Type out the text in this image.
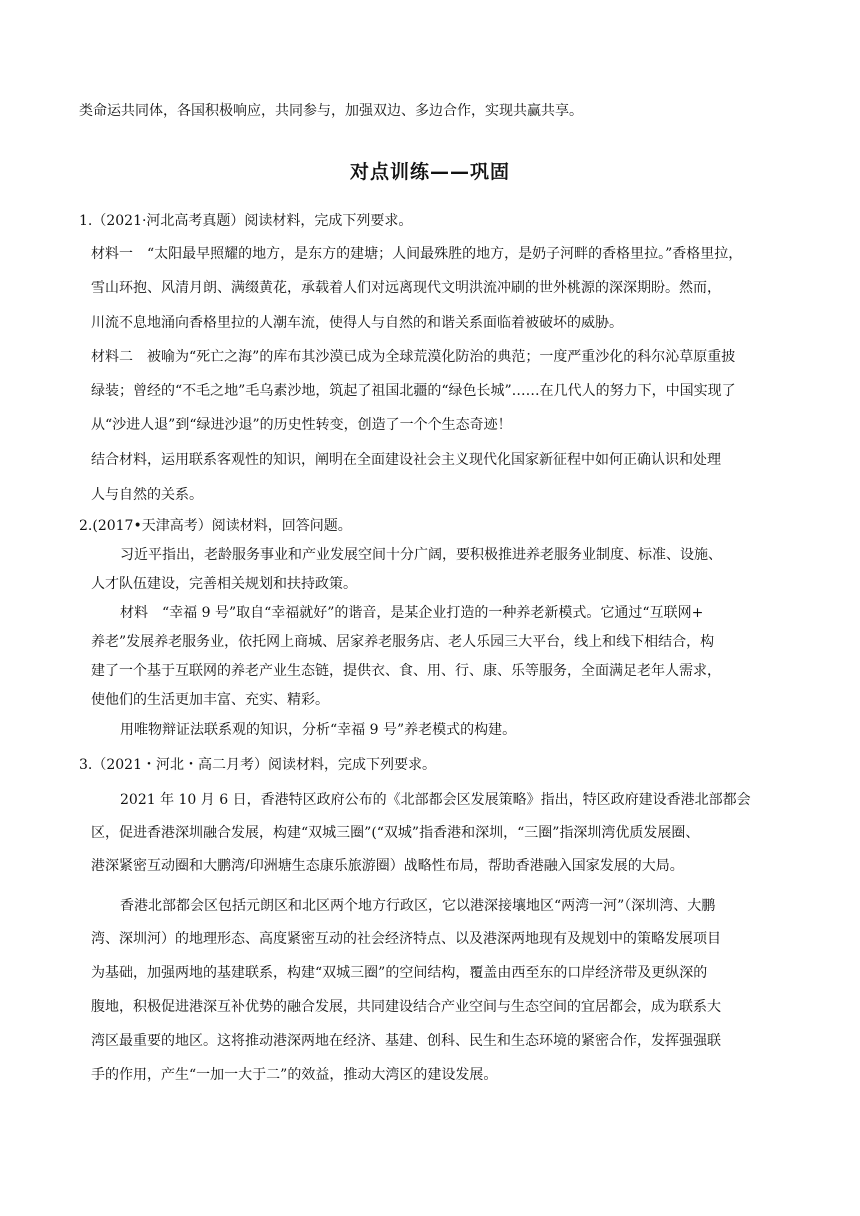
类命运共同体，各国积极响应，共同参与，加强双边、多边合作，实现共赢共享。
对点训练——巩固
1.（2021·河北高考真题）阅读材料，完成下列要求。
材料一　“太阳最早照耀的地方，是东方的建塘；人间最殊胜的地方，是奶子河畔的香格里拉。”香格里拉，
雪山环抱、风清月朗、满缀黄花，承载着人们对远离现代文明洪流冲刷的世外桃源的深深期盼。然而，
川流不息地涌向香格里拉的人潮车流，使得人与自然的和谐关系面临着被破坏的威胁。
材料二　被喻为“死亡之海”的库布其沙漠已成为全球荒漠化防治的典范；一度严重沙化的科尔沁草原重披
绿装；曾经的“不毛之地”毛乌素沙地，筑起了祖国北疆的“绿色长城”……在几代人的努力下，中国实现了
从“沙进人退”到“绿进沙退”的历史性转变，创造了一个个生态奇迹！
结合材料，运用联系客观性的知识，阐明在全面建设社会主义现代化国家新征程中如何正确认识和处理
人与自然的关系。
2.(2017•天津高考）阅读材料，回答问题。
习近平指出，老龄服务事业和产业发展空间十分广阔，要积极推进养老服务业制度、标准、设施、
人才队伍建设，完善相关规划和扶持政策。
材料　“幸福 9 号”取自“幸福就好”的谐音，是某企业打造的一种养老新模式。它通过“互联网+
养老”发展养老服务业，依托网上商城、居家养老服务店、老人乐园三大平台，线上和线下相结合，构
建了一个基于互联网的养老产业生态链，提供衣、食、用、行、康、乐等服务，全面满足老年人需求，
使他们的生活更加丰富、充实、精彩。
用唯物辩证法联系观的知识，分析“幸福 9 号”养老模式的构建。
3.（2021・河北・高二月考）阅读材料，完成下列要求。
2021 年 10 月 6 日，香港特区政府公布的《北部都会区发展策略》指出，特区政府建设香港北部都会
区，促进香港深圳融合发展，构建“双城三圈”(“双城”指香港和深圳，“三圈”指深圳湾优质发展圈、
港深紧密互动圈和大鹏湾/印洲塘生态康乐旅游圈）战略性布局，帮助香港融入国家发展的大局。
香港北部都会区包括元朗区和北区两个地方行政区，它以港深接壤地区“两湾一河”（深圳湾、大鹏
湾、深圳河）的地理形态、高度紧密互动的社会经济特点、以及港深两地现有及规划中的策略发展项目
为基础，加强两地的基建联系，构建“双城三圈”的空间结构，覆盖由西至东的口岸经济带及更纵深的
腹地，积极促进港深互补优势的融合发展，共同建设结合产业空间与生态空间的宜居都会，成为联系大
湾区最重要的地区。这将推动港深两地在经济、基建、创科、民生和生态环境的紧密合作，发挥强强联
手的作用，产生“一加一大于二”的效益，推动大湾区的建设发展。
